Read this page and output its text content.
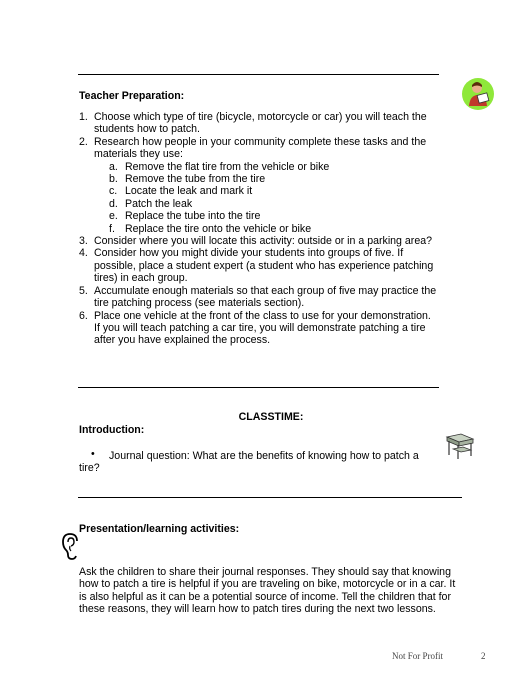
Teacher Preparation:
1. Choose which type of tire (bicycle, motorcycle or car) you will teach the students how to patch.
2. Research how people in your community complete these tasks and the materials they use:
a. Remove the flat tire from the vehicle or bike
b. Remove the tube from the tire
c. Locate the leak and mark it
d. Patch the leak
e. Replace the tube into the tire
f. Replace the tire onto the vehicle or bike
3. Consider where you will locate this activity: outside or in a parking area?
4. Consider how you might divide your students into groups of five. If possible, place a student expert (a student who has experience patching tires) in each group.
5. Accumulate enough materials so that each group of five may practice the tire patching process (see materials section).
6. Place one vehicle at the front of the class to use for your demonstration. If you will teach patching a car tire, you will demonstrate patching a tire after you have explained the process.
CLASSTIME:
Introduction:
• Journal question: What are the benefits of knowing how to patch a
tire?
Presentation/learning activities:
Ask the children to share their journal responses. They should say that knowing how to patch a tire is helpful if you are traveling on bike, motorcycle or in a car. It is also helpful as it can be a potential source of income. Tell the children that for these reasons, they will learn how to patch tires during the next two lessons.
Not For Profit	2
